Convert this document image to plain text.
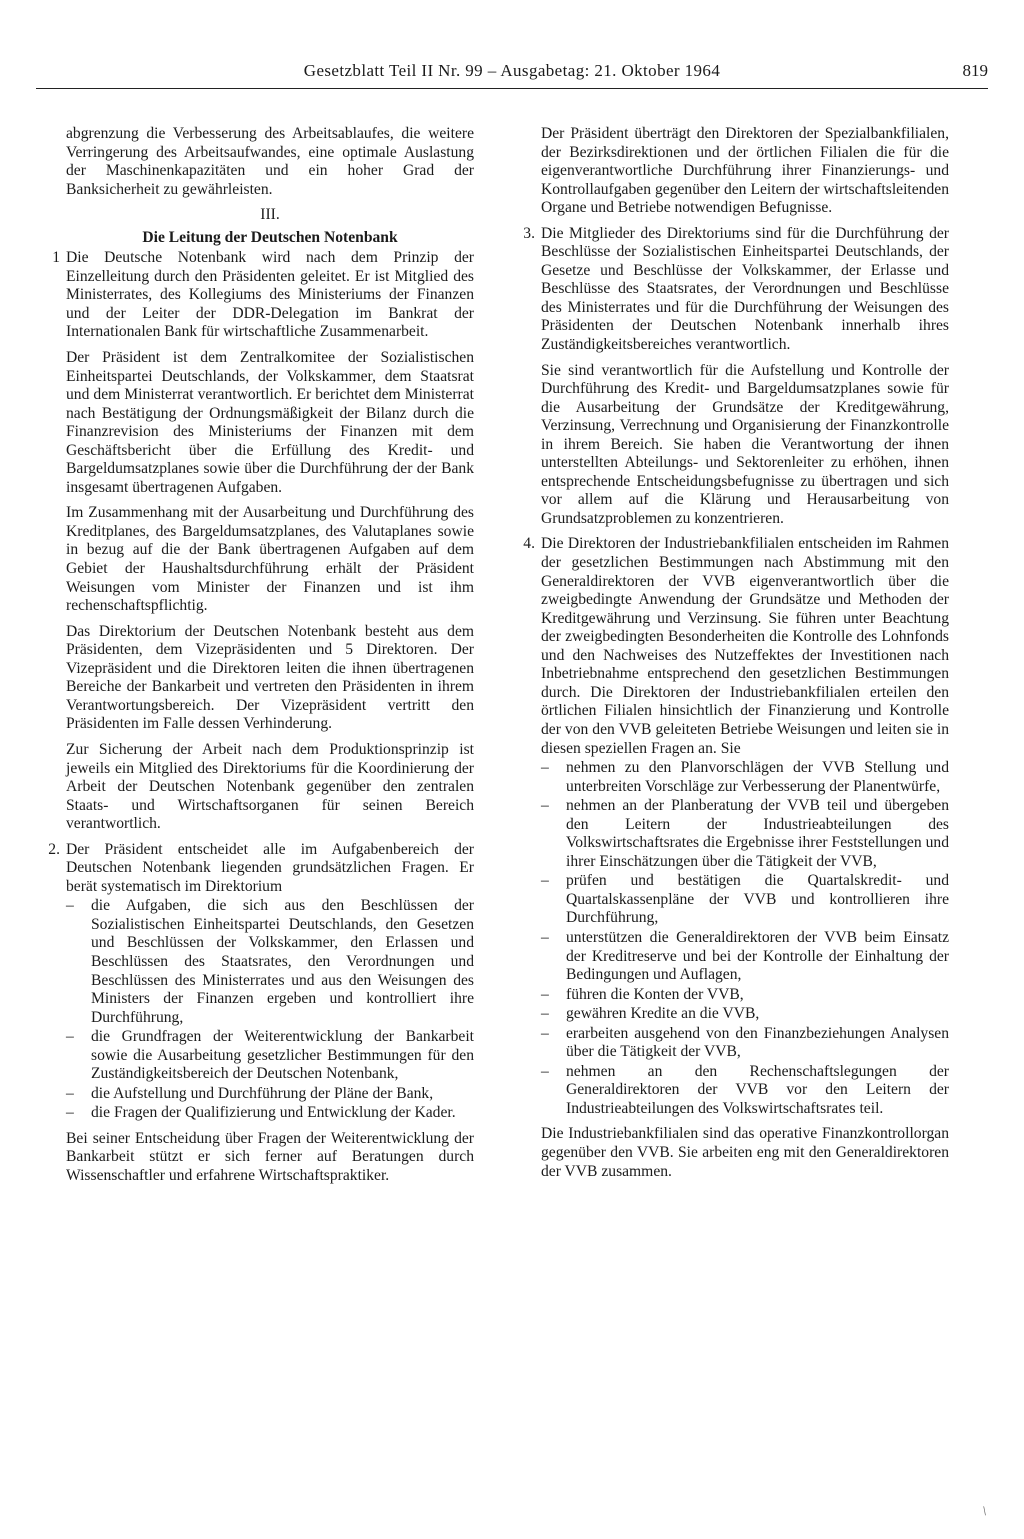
Gesetzblatt Teil II Nr. 99 – Ausgabetag: 21. Oktober 1964	819

abgrenzung die Verbesserung des Arbeitsablaufes, die weitere Verringerung des Arbeitsaufwandes, eine optimale Auslastung der Maschinenkapazitäten und ein hoher Grad der Banksicherheit zu gewährleisten.

III.
Die Leitung der Deutschen Notenbank
1 Die Deutsche Notenbank wird nach dem Prinzip der Einzelleitung durch den Präsidenten geleitet. Er ist Mitglied des Ministerrates, des Kollegiums des Ministeriums der Finanzen und der Leiter der DDR-Delegation im Bankrat der Internationalen Bank für wirtschaftliche Zusammenarbeit.

Der Präsident ist dem Zentralkomitee der Sozialistischen Einheitspartei Deutschlands, der Volkskammer, dem Staatsrat und dem Ministerrat verantwortlich. Er berichtet dem Ministerrat nach Bestätigung der Ordnungsmäßigkeit der Bilanz durch die Finanzrevision des Ministeriums der Finanzen mit dem Geschäftsbericht über die Erfüllung des Kredit- und Bargeldumsatzplanes sowie über die Durchführung der der Bank insgesamt übertragenen Aufgaben.

Im Zusammenhang mit der Ausarbeitung und Durchführung des Kreditplanes, des Bargeldumsatzplanes, des Valutaplanes sowie in bezug auf die der Bank übertragenen Aufgaben auf dem Gebiet der Haushaltsdurchführung erhält der Präsident Weisungen vom Minister der Finanzen und ist ihm rechenschaftspflichtig.

Das Direktorium der Deutschen Notenbank besteht aus dem Präsidenten, dem Vizepräsidenten und 5 Direktoren. Der Vizepräsident und die Direktoren leiten die ihnen übertragenen Bereiche der Bankarbeit und vertreten den Präsidenten in ihrem Verantwortungsbereich. Der Vizepräsident vertritt den Präsidenten im Falle dessen Verhinderung.

Zur Sicherung der Arbeit nach dem Produktionsprinzip ist jeweils ein Mitglied des Direktoriums für die Koordinierung der Arbeit der Deutschen Notenbank gegenüber den zentralen Staats- und Wirtschaftsorganen für seinen Bereich verantwortlich.

2. Der Präsident entscheidet alle im Aufgabenbereich der Deutschen Notenbank liegenden grundsätzlichen Fragen. Er berät systematisch im Direktorium

–	die Aufgaben, die sich aus den Beschlüssen der Sozialistischen Einheitspartei Deutschlands, den Gesetzen und Beschlüssen der Volkskammer, den Erlassen und Beschlüssen des Staatsrates, den Verordnungen und Beschlüssen des Ministerrates und aus den Weisungen des Ministers der Finanzen ergeben und kontrolliert ihre Durchführung,
–	die Grundfragen der Weiterentwicklung der Bankarbeit sowie die Ausarbeitung gesetzlicher Bestimmungen für den Zuständigkeitsbereich der Deutschen Notenbank,
–	die Aufstellung und Durchführung der Pläne der Bank,
–	die Fragen der Qualifizierung und Entwicklung der Kader.

Bei seiner Entscheidung über Fragen der Weiterentwicklung der Bankarbeit stützt er sich ferner auf Beratungen durch Wissenschaftler und erfahrene Wirtschaftspraktiker.

Der Präsident überträgt den Direktoren der Spezialbankfilialen, der Bezirksdirektionen und der örtlichen Filialen die für die eigenverantwortliche Durchführung ihrer Finanzierungs- und Kontrollaufgaben gegenüber den Leitern der wirtschaftsleitenden Organe und Betriebe notwendigen Befugnisse.

3. Die Mitglieder des Direktoriums sind für die Durchführung der Beschlüsse der Sozialistischen Einheitspartei Deutschlands, der Gesetze und Beschlüsse der Volkskammer, der Erlasse und Beschlüsse des Staatsrates, der Verordnungen und Beschlüsse des Ministerrates und für die Durchführung der Weisungen des Präsidenten der Deutschen Notenbank innerhalb ihres Zuständigkeitsbereiches verantwortlich.

Sie sind verantwortlich für die Aufstellung und Kontrolle der Durchführung des Kredit- und Bargeldumsatzplanes sowie für die Ausarbeitung der Grundsätze der Kreditgewährung, Verzinsung, Verrechnung und Organisierung der Finanzkontrolle in ihrem Bereich. Sie haben die Verantwortung der ihnen unterstellten Abteilungs- und Sektorenleiter zu erhöhen, ihnen entsprechende Entscheidungsbefugnisse zu übertragen und sich vor allem auf die Klärung und Herausarbeitung von Grundsatzproblemen zu konzentrieren.

4. Die Direktoren der Industriebankfilialen entscheiden im Rahmen der gesetzlichen Bestimmungen nach Abstimmung mit den Generaldirektoren der VVB eigenverantwortlich über die zweigbedingte Anwendung der Grundsätze und Methoden der Kreditgewährung und Verzinsung. Sie führen unter Beachtung der zweigbedingten Besonderheiten die Kontrolle des Lohnfonds und den Nachweises des Nutzeffektes der Investitionen nach Inbetriebnahme entsprechend den gesetzlichen Bestimmungen durch. Die Direktoren der Industriebankfilialen erteilen den örtlichen Filialen hinsichtlich der Finanzierung und Kontrolle der von den VVB geleiteten Betriebe Weisungen und leiten sie in diesen speziellen Fragen an. Sie

–	nehmen zu den Planvorschlägen der VVB Stellung und unterbreiten Vorschläge zur Verbesserung der Planentwürfe,
–	nehmen an der Planberatung der VVB teil und übergeben den Leitern der Industrieabteilungen des Volkswirtschaftsrates die Ergebnisse ihrer Feststellungen und ihrer Einschätzungen über die Tätigkeit der VVB,
–	prüfen und bestätigen die Quartalskredit- und Quartalskassenpläne der VVB und kontrollieren ihre Durchführung,
–	unterstützen die Generaldirektoren der VVB beim Einsatz der Kreditreserve und bei der Kontrolle der Einhaltung der Bedingungen und Auflagen,
–	führen die Konten der VVB,
–	gewähren Kredite an die VVB,
–	erarbeiten ausgehend von den Finanzbeziehungen Analysen über die Tätigkeit der VVB,
–	nehmen an den Rechenschaftslegungen der Generaldirektoren der VVB vor den Leitern der Industrieabteilungen des Volkswirtschaftsrates teil.

Die Industriebankfilialen sind das operative Finanzkontrollorgan gegenüber den VVB. Sie arbeiten eng mit den Generaldirektoren der VVB zusammen.

/
